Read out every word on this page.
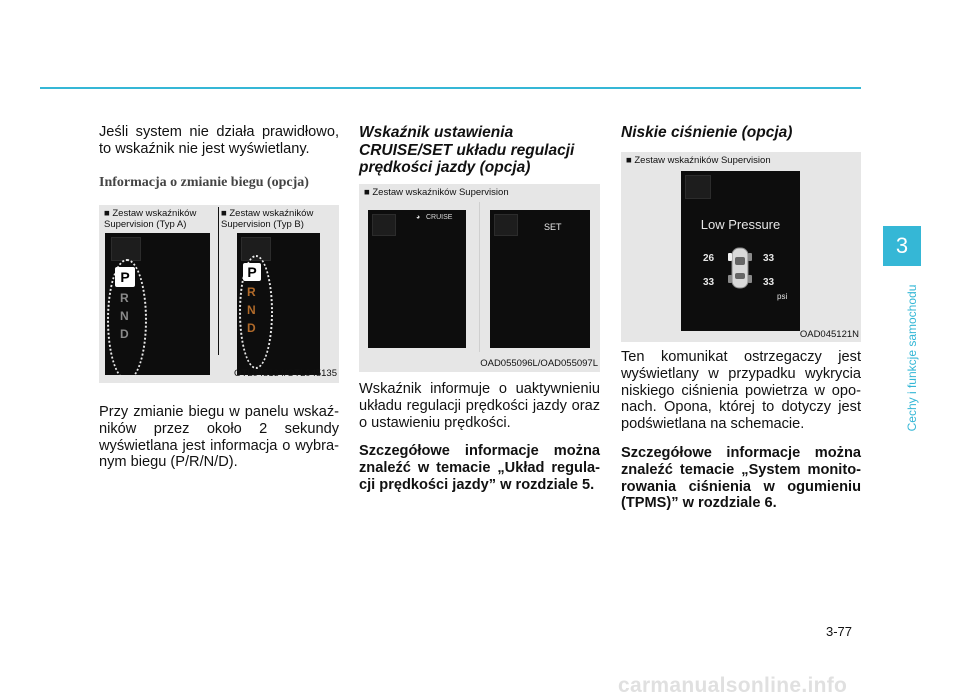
Jeśli system nie działa prawidłowo, to wskaźnik nie jest wyświetlany.

Informacja o zmianie biegu (opcja)

■ Zestaw wskaźników Supervision (Typ A)
■ Zestaw wskaźników Supervision (Typ B)
P
R
N
D
P
R
N
D
OTL045134/OTL045135

Przy zmianie biegu w panelu wskaź-ników przez około 2 sekundy wyświetlana jest informacja o wybra-nym biegu (P/R/N/D).

Wskaźnik ustawienia CRUISE/SET układu regulacji prędkości jazdy (opcja)

■ Zestaw wskaźników Supervision
◕ CRUISE
SET
OAD055096L/OAD055097L

Wskaźnik informuje o uaktywnieniu układu regulacji prędkości jazdy oraz o ustawieniu prędkości.

Szczegółowe informacje można znaleźć w temacie „Układ regula-cji prędkości jazdy” w rozdziale 5.

Niskie ciśnienie (opcja)

■ Zestaw wskaźników Supervision
Low Pressure
26	33
33	33
psi
OAD045121N

Ten komunikat ostrzegaczy jest wyświetlany w przypadku wykrycia niskiego ciśnienia powietrza w opo-nach. Opona, której to dotyczy jest podświetlana na schemacie.

Szczegółowe informacje można znaleźć temacie „System monito-rowania ciśnienia w ogumieniu (TPMS)” w rozdziale 6.

3
Cechy i funkcje samochodu
3-77
carmanualsonline.info
